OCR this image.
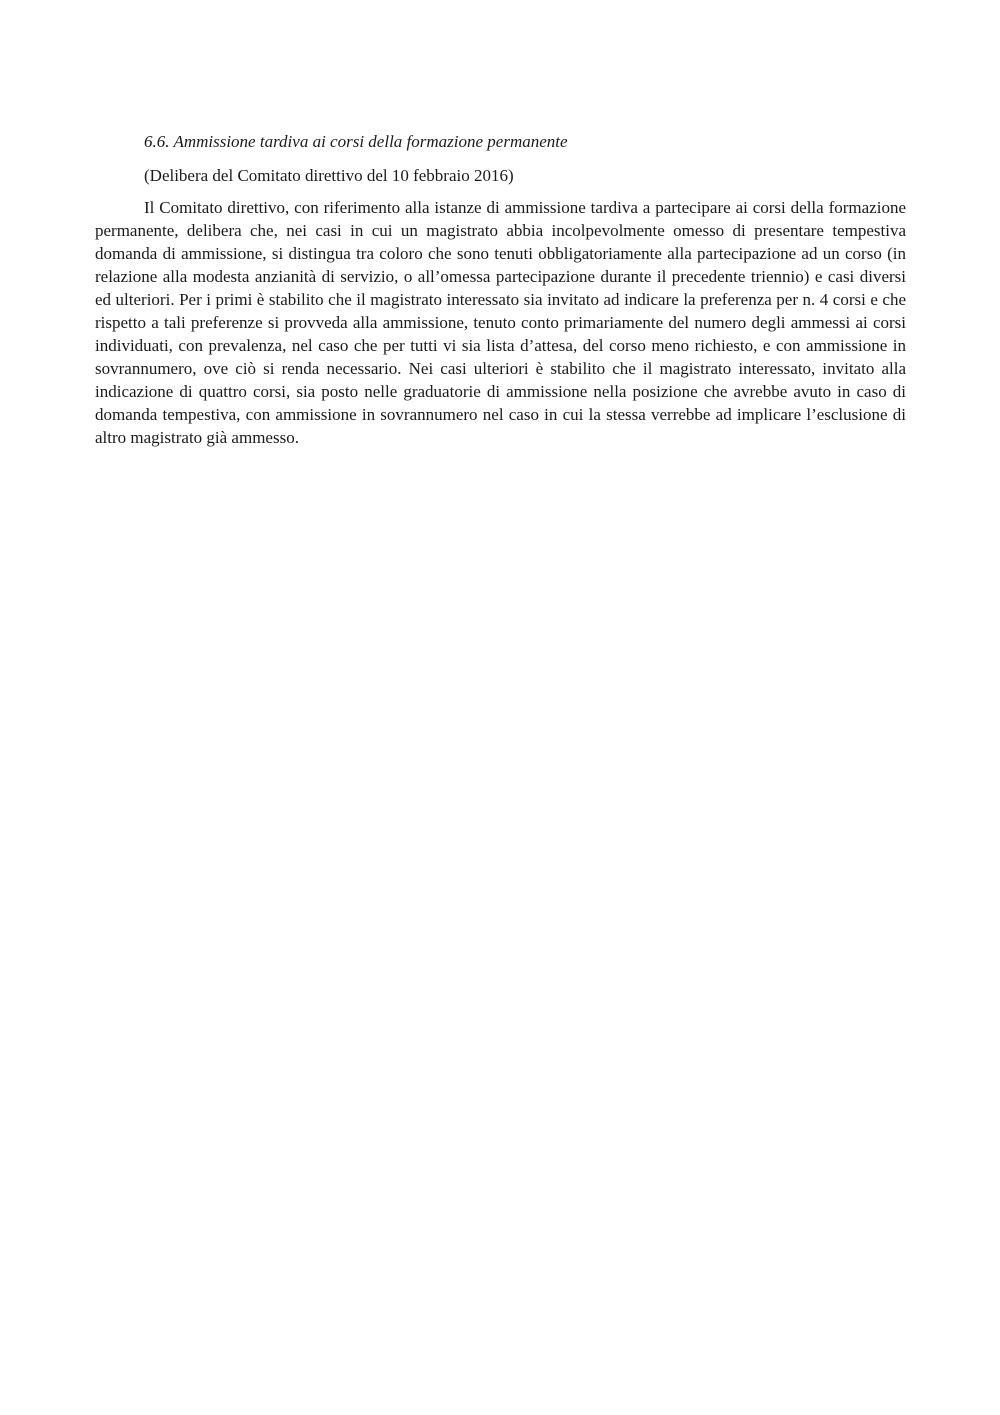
6.6. Ammissione tardiva ai corsi della formazione permanente

(Delibera del Comitato direttivo del 10 febbraio 2016)

Il Comitato direttivo, con riferimento alla istanze di ammissione tardiva a partecipare ai corsi della formazione permanente, delibera che, nei casi in cui un magistrato abbia incolpevolmente omesso di presentare tempestiva domanda di ammissione, si distingua tra coloro che sono tenuti obbligatoriamente alla partecipazione ad un corso (in relazione alla modesta anzianità di servizio, o all’omessa partecipazione durante il precedente triennio) e casi diversi ed ulteriori. Per i primi è stabilito che il magistrato interessato sia invitato ad indicare la preferenza per n. 4 corsi e che rispetto a tali preferenze si provveda alla ammissione, tenuto conto primariamente del numero degli ammessi ai corsi individuati, con prevalenza, nel caso che per tutti vi sia lista d’attesa, del corso meno richiesto, e con ammissione in sovrannumero, ove ciò si renda necessario. Nei casi ulteriori è stabilito che il magistrato interessato, invitato alla indicazione di quattro corsi, sia posto nelle graduatorie di ammissione nella posizione che avrebbe avuto in caso di domanda tempestiva, con ammissione in sovrannumero nel caso in cui la stessa verrebbe ad implicare l’esclusione di altro magistrato già ammesso.
